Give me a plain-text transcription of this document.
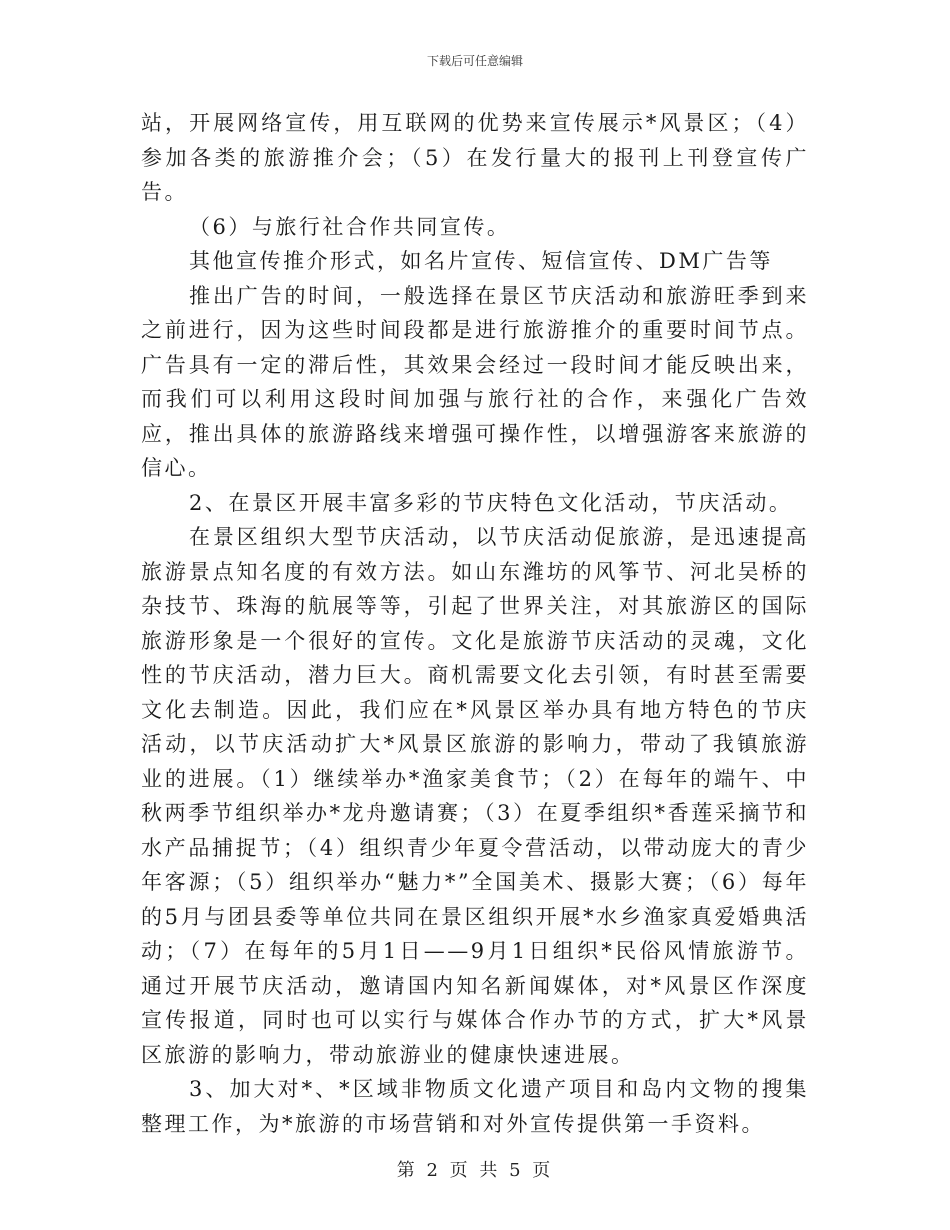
下载后可任意编辑

站，开展网络宣传，用互联网的优势来宣传展示*风景区；（4）参加各类的旅游推介会；（5）在发行量大的报刊上刊登宣传广告。

（6）与旅行社合作共同宣传。

其他宣传推介形式，如名片宣传、短信宣传、DM广告等

推出广告的时间，一般选择在景区节庆活动和旅游旺季到来之前进行，因为这些时间段都是进行旅游推介的重要时间节点。广告具有一定的滞后性，其效果会经过一段时间才能反映出来，而我们可以利用这段时间加强与旅行社的合作，来强化广告效应，推出具体的旅游路线来增强可操作性，以增强游客来旅游的信心。

2、在景区开展丰富多彩的节庆特色文化活动，节庆活动。

在景区组织大型节庆活动，以节庆活动促旅游，是迅速提高旅游景点知名度的有效方法。如山东潍坊的风筝节、河北吴桥的杂技节、珠海的航展等等，引起了世界关注，对其旅游区的国际旅游形象是一个很好的宣传。文化是旅游节庆活动的灵魂，文化性的节庆活动，潜力巨大。商机需要文化去引领，有时甚至需要文化去制造。因此，我们应在*风景区举办具有地方特色的节庆活动，以节庆活动扩大*风景区旅游的影响力，带动了我镇旅游业的进展。（1）继续举办*渔家美食节；（2）在每年的端午、中秋两季节组织举办*龙舟邀请赛；（3）在夏季组织*香莲采摘节和水产品捕捉节；（4）组织青少年夏令营活动，以带动庞大的青少年客源；（5）组织举办“魅力*”全国美术、摄影大赛；（6）每年的5月与团县委等单位共同在景区组织开展*水乡渔家真爱婚典活动；（7）在每年的5月1日——9月1日组织*民俗风情旅游节。通过开展节庆活动，邀请国内知名新闻媒体，对*风景区作深度宣传报道，同时也可以实行与媒体合作办节的方式，扩大*风景区旅游的影响力，带动旅游业的健康快速进展。

3、加大对*、*区域非物质文化遗产项目和岛内文物的搜集整理工作，为*旅游的市场营销和对外宣传提供第一手资料。

第 2 页 共 5 页
